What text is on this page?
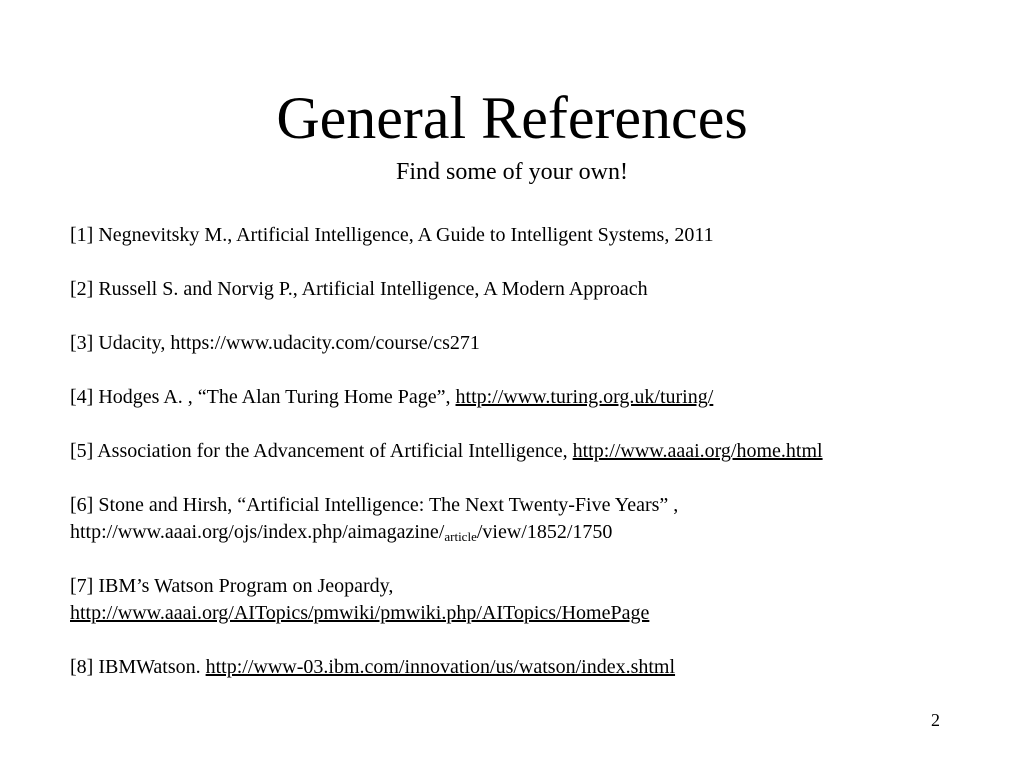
General References
Find some of your own!

[1] Negnevitsky M., Artificial Intelligence, A Guide to Intelligent Systems, 2011

[2] Russell S. and Norvig P., Artificial Intelligence, A Modern Approach

[3] Udacity, https://www.udacity.com/course/cs271

[4] Hodges A. , “The Alan Turing Home Page”, http://www.turing.org.uk/turing/

[5] Association for the Advancement of Artificial Intelligence, http://www.aaai.org/home.html

[6] Stone and Hirsh, “Artificial Intelligence: The Next Twenty-Five Years” ,
$http://www.aaai.org/ojs/index.php/aimagazine/_{article}/view/1852/1750$

[7] IBM’s Watson Program on Jeopardy,
http://www.aaai.org/AITopics/pmwiki/pmwiki.php/AITopics/HomePage

[8] IBMWatson. http://www-03.ibm.com/innovation/us/watson/index.shtml

2
